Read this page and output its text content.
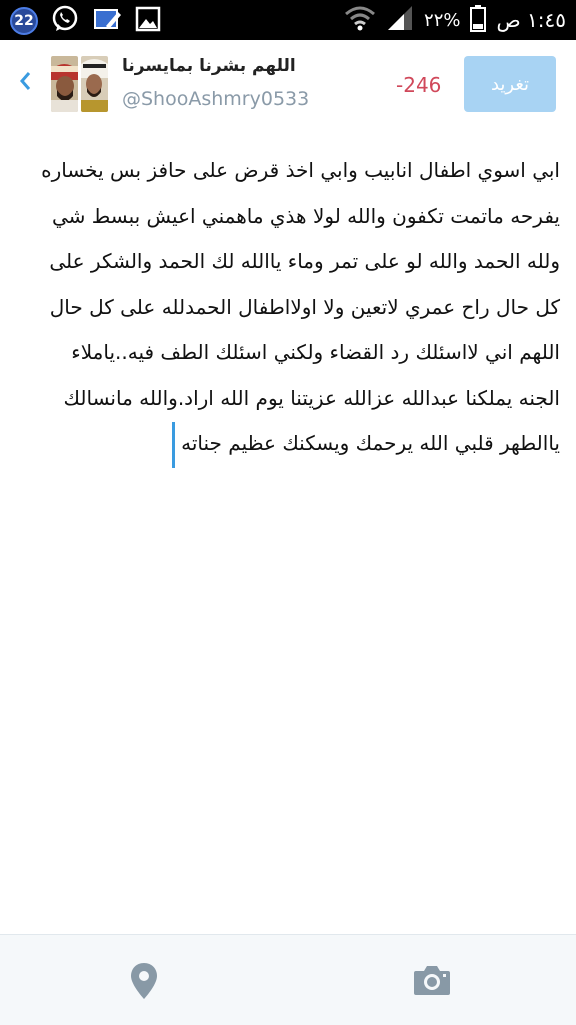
22	٢٢% ١:٤٥ ص
اللهم بشرنا بمايسرنا
@ShooAshmry0533
-246	تغريد
ابي اسوي اطفال انابيب وابي اخذ قرض على حافز بس يخساره
يفرحه ماتمت تكفون والله لولا هذي ماهمني اعيش ببسط شي
ولله الحمد والله لو على تمر وماء ياالله لك الحمد والشكر على
كل حال راح عمري لاتعين ولا اولااطفال الحمدلله على كل حال
اللهم اني لااسئلك رد القضاء ولكني اسئلك الطف فيه..ياملاء
الجنه يملكنا عبدالله عزالله عزيتنا يوم الله اراد.والله مانسالك
ياالطهر قلبي الله يرحمك ويسكنك عظيم جناته
